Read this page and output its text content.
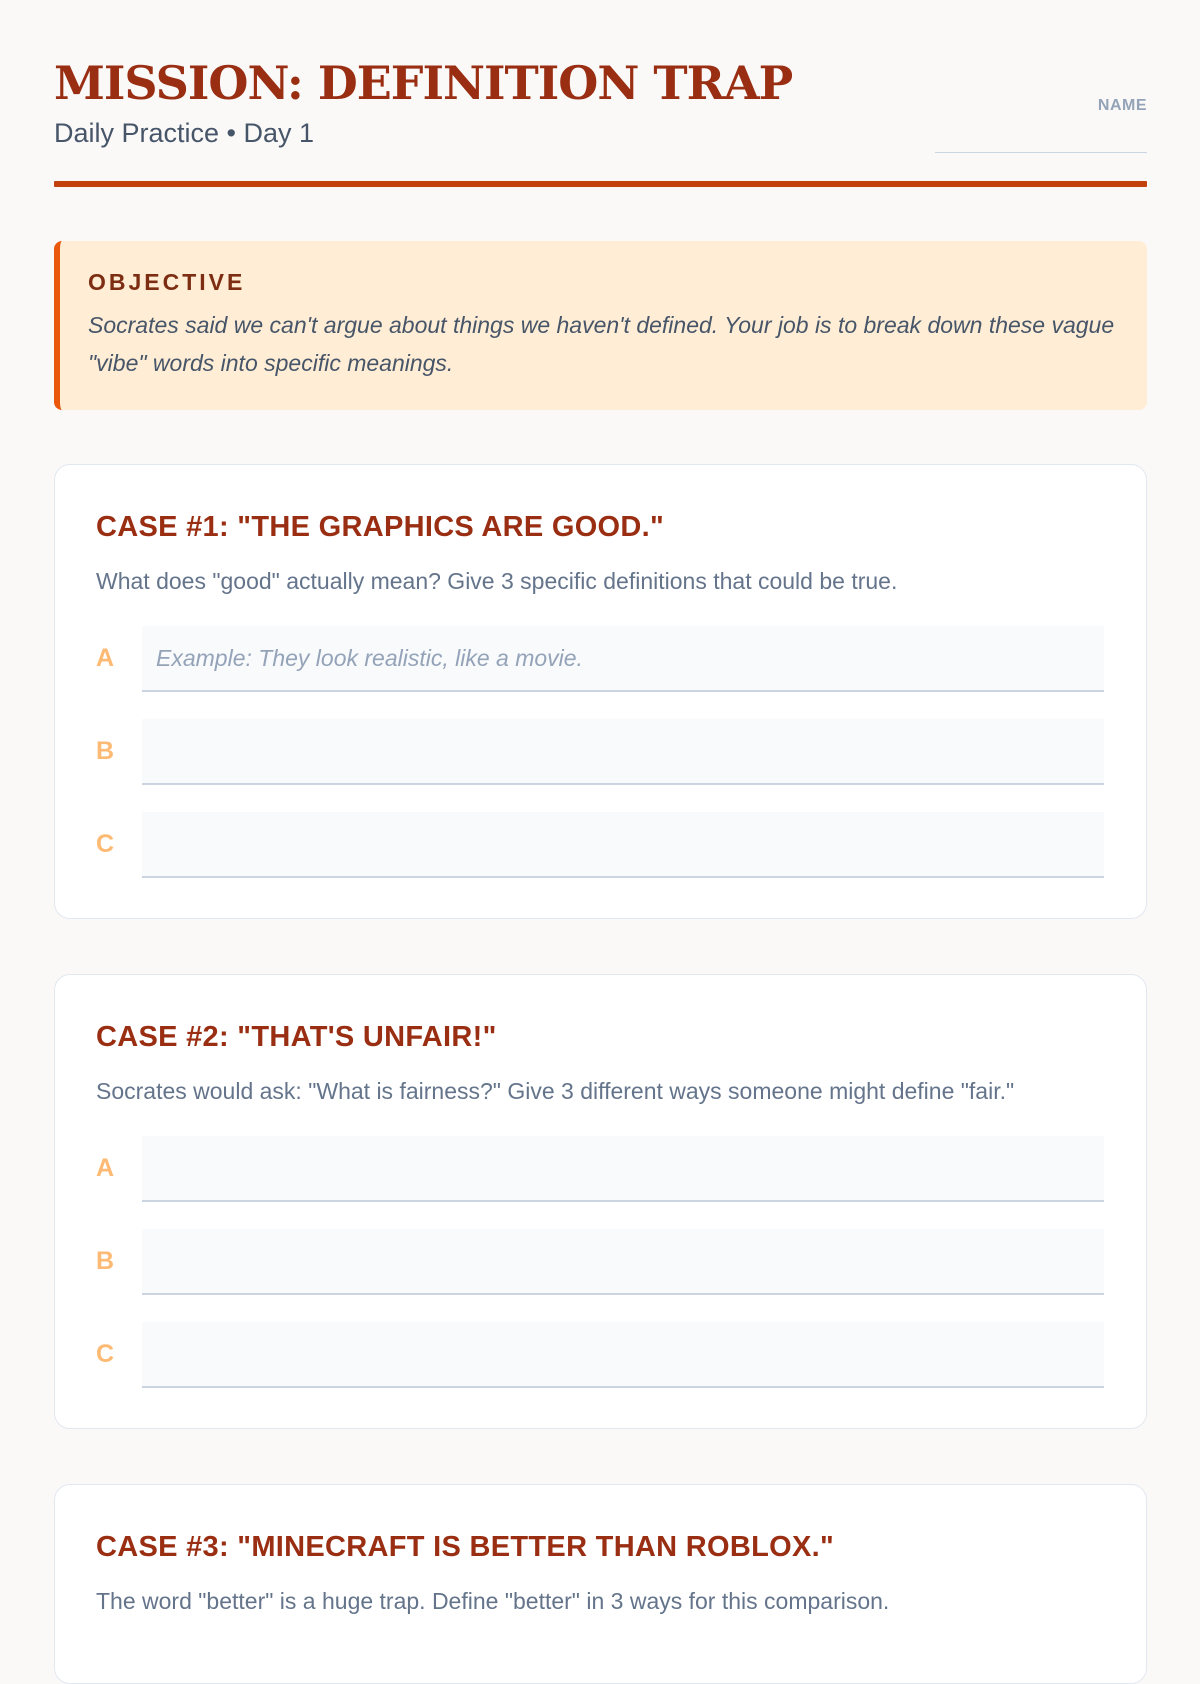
MISSION: DEFINITION TRAP
Daily Practice • Day 1
NAME
OBJECTIVE
Socrates said we can't argue about things we haven't defined. Your job is to break down these vague "vibe" words into specific meanings.
CASE #1: "THE GRAPHICS ARE GOOD."
What does "good" actually mean? Give 3 specific definitions that could be true.
A
Example: They look realistic, like a movie.
B
C
CASE #2: "THAT'S UNFAIR!"
Socrates would ask: "What is fairness?" Give 3 different ways someone might define "fair."
A
B
C
CASE #3: "MINECRAFT IS BETTER THAN ROBLOX."
The word "better" is a huge trap. Define "better" in 3 ways for this comparison.
